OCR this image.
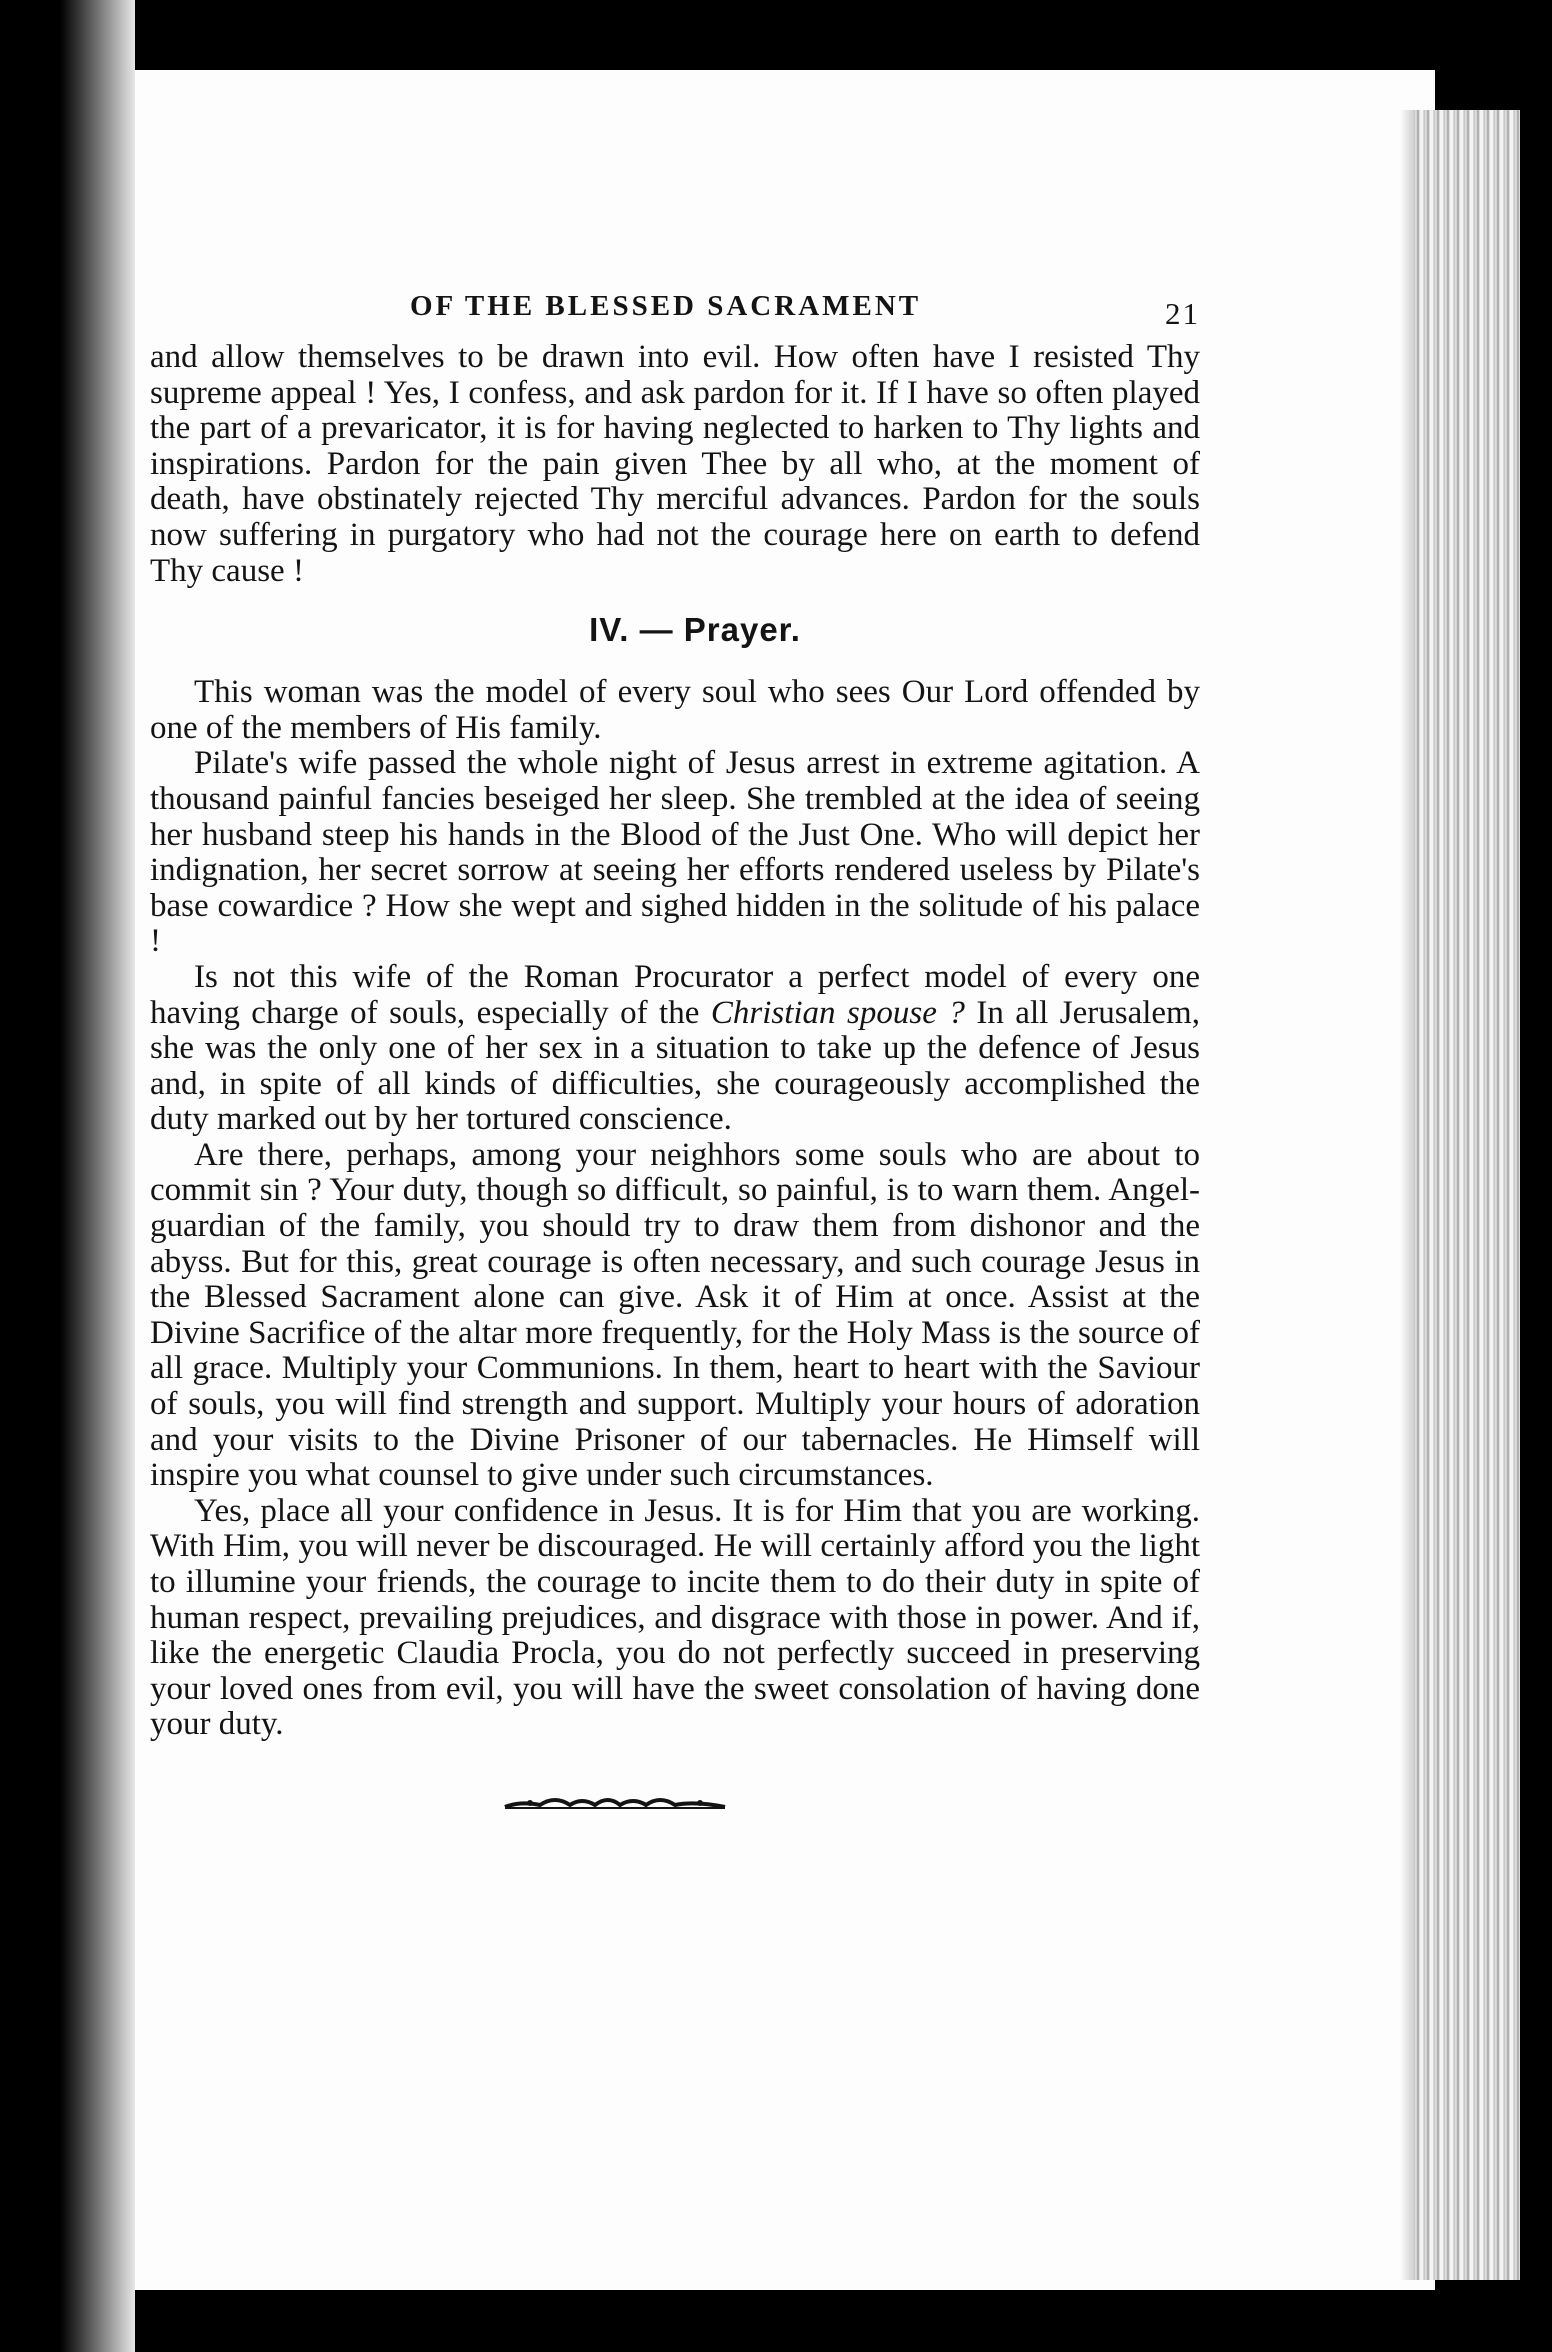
OF THE BLESSED SACRAMENT	21

and allow themselves to be drawn into evil. How often have I resisted Thy supreme appeal ! Yes, I confess, and ask pardon for it. If I have so often played the part of a prevaricator, it is for having neglected to harken to Thy lights and inspirations. Pardon for the pain given Thee by all who, at the moment of death, have obstinately rejected Thy merciful advances. Pardon for the souls now suffering in purgatory who had not the courage here on earth to defend Thy cause !

IV. — Prayer.

This woman was the model of every soul who sees Our Lord offended by one of the members of His family.

Pilate's wife passed the whole night of Jesus arrest in extreme agitation. A thousand painful fancies beseiged her sleep. She trembled at the idea of seeing her husband steep his hands in the Blood of the Just One. Who will depict her indignation, her secret sorrow at seeing her efforts rendered useless by Pilate's base cowardice ? How she wept and sighed hidden in the solitude of his palace !

Is not this wife of the Roman Procurator a perfect model of every one having charge of souls, especially of the Christian spouse ? In all Jerusalem, she was the only one of her sex in a situation to take up the defence of Jesus and, in spite of all kinds of difficulties, she courageously accomplished the duty marked out by her tortured conscience.

Are there, perhaps, among your neighhors some souls who are about to commit sin ? Your duty, though so difficult, so painful, is to warn them. Angel-guardian of the family, you should try to draw them from dishonor and the abyss. But for this, great courage is often necessary, and such courage Jesus in the Blessed Sacrament alone can give. Ask it of Him at once. Assist at the Divine Sacrifice of the altar more frequently, for the Holy Mass is the source of all grace. Multiply your Communions. In them, heart to heart with the Saviour of souls, you will find strength and support. Multiply your hours of adoration and your visits to the Divine Prisoner of our tabernacles. He Himself will inspire you what counsel to give under such circumstances.

Yes, place all your confidence in Jesus. It is for Him that you are working. With Him, you will never be discouraged. He will certainly afford you the light to illumine your friends, the courage to incite them to do their duty in spite of human respect, prevailing prejudices, and disgrace with those in power. And if, like the energetic Claudia Procla, you do not perfectly succeed in preserving your loved ones from evil, you will have the sweet consolation of having done your duty.
